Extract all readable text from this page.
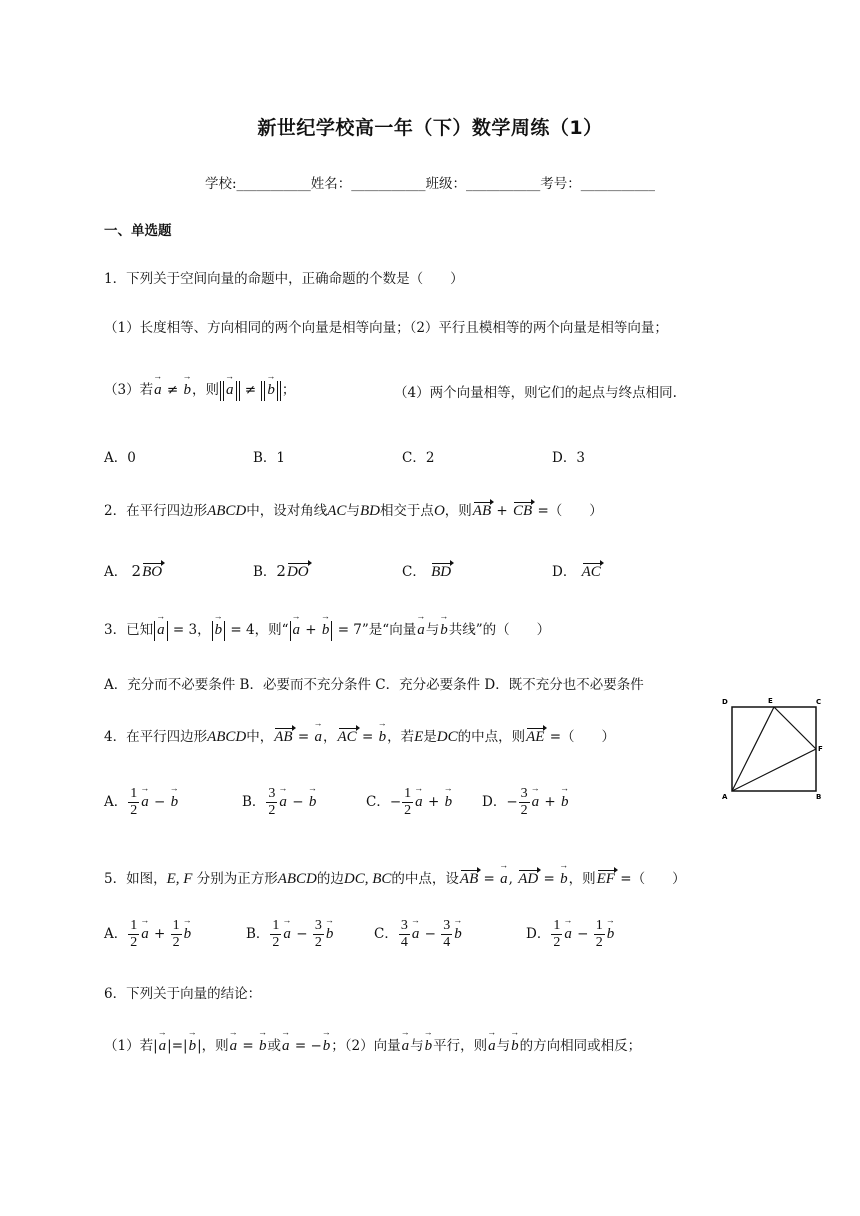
新世纪学校高一年（下）数学周练（1）
学校:___________姓名：___________班级：___________考号：___________
一、单选题
1．下列关于空间向量的命题中，正确命题的个数是（　　）
（1）长度相等、方向相同的两个向量是相等向量；（2）平行且模相等的两个向量是相等向量；
（3）若→ a ≠ → b，则→ a ≠ → b ；	（4）两个向量相等，则它们的起点与终点相同.
A．0	B．1	C．2	D．3
2．在平行四边形ABCD中，设对角线AC与BD相交于点O，则AB + CB =（　　）
A． 2BO	B．2DO	C． BD	D． AC
3．已知→ a = 3，→ b = 4，则“→ a + → b = 7”是“向量→ a与→ b共线”的（　　）
A．充分而不必要条件 B．必要而不充分条件 C．充分必要条件 D．既不充分也不必要条件
D	E	C
F
A	B
4．在平行四边形ABCD中，AB = → a，AC = → b，若E是DC的中点，则AE =（　　）
A． $\frac{1}{2}$
→ a − → b	B． $\frac{3}{2}$
→ a − → b	C．− $\frac{1}{2}$
→ a + → b D．− $\frac{3}{2}$
→ a + → b
5．如图，E, F 分别为正方形ABCD的边DC, BC的中点，设AB = → a, AD = → b，则EF =（　　）
A． $\frac{1}{2}$
→ $a + \frac{1}{2}$
→ b	B． $\frac{1}{2}$
→ $a - \frac{3}{2}$
→ b	C． $\frac{3}{4}$
→ $a - \frac{3}{4}$
→ b	D． $\frac{1}{2}$
→ $a - \frac{1}{2}$
→ b
6．下列关于向量的结论：
（1）若|→ a|=|→ b|，则→ a = → b或→ a = −→ b；（2）向量→ a与→ b平行，则→ a与→ b的方向相同或相反；
